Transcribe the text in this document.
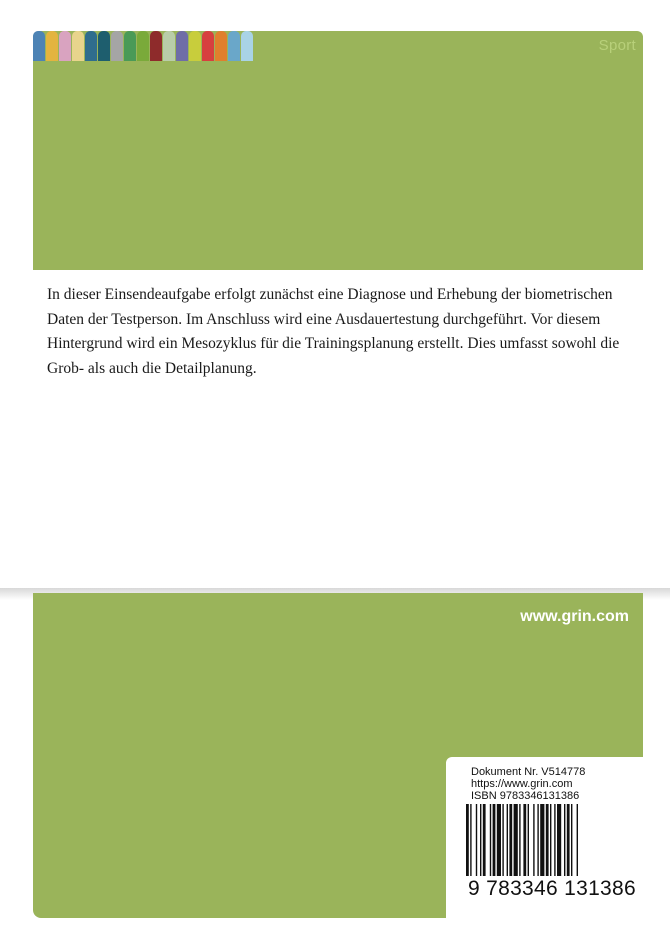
Sport
In dieser Einsendeaufgabe erfolgt zunächst eine Diagnose und Erhebung der biometrischen Daten der Testperson. Im Anschluss wird eine Ausdauertestung durchgeführt. Vor diesem Hintergrund wird ein Mesozyklus für die Trainingsplanung erstellt. Dies umfasst sowohl die Grob- als auch die Detailplanung.
www.grin.com
Dokument Nr. V514778
https://www.grin.com
ISBN 9783346131386
9 783346 131386
